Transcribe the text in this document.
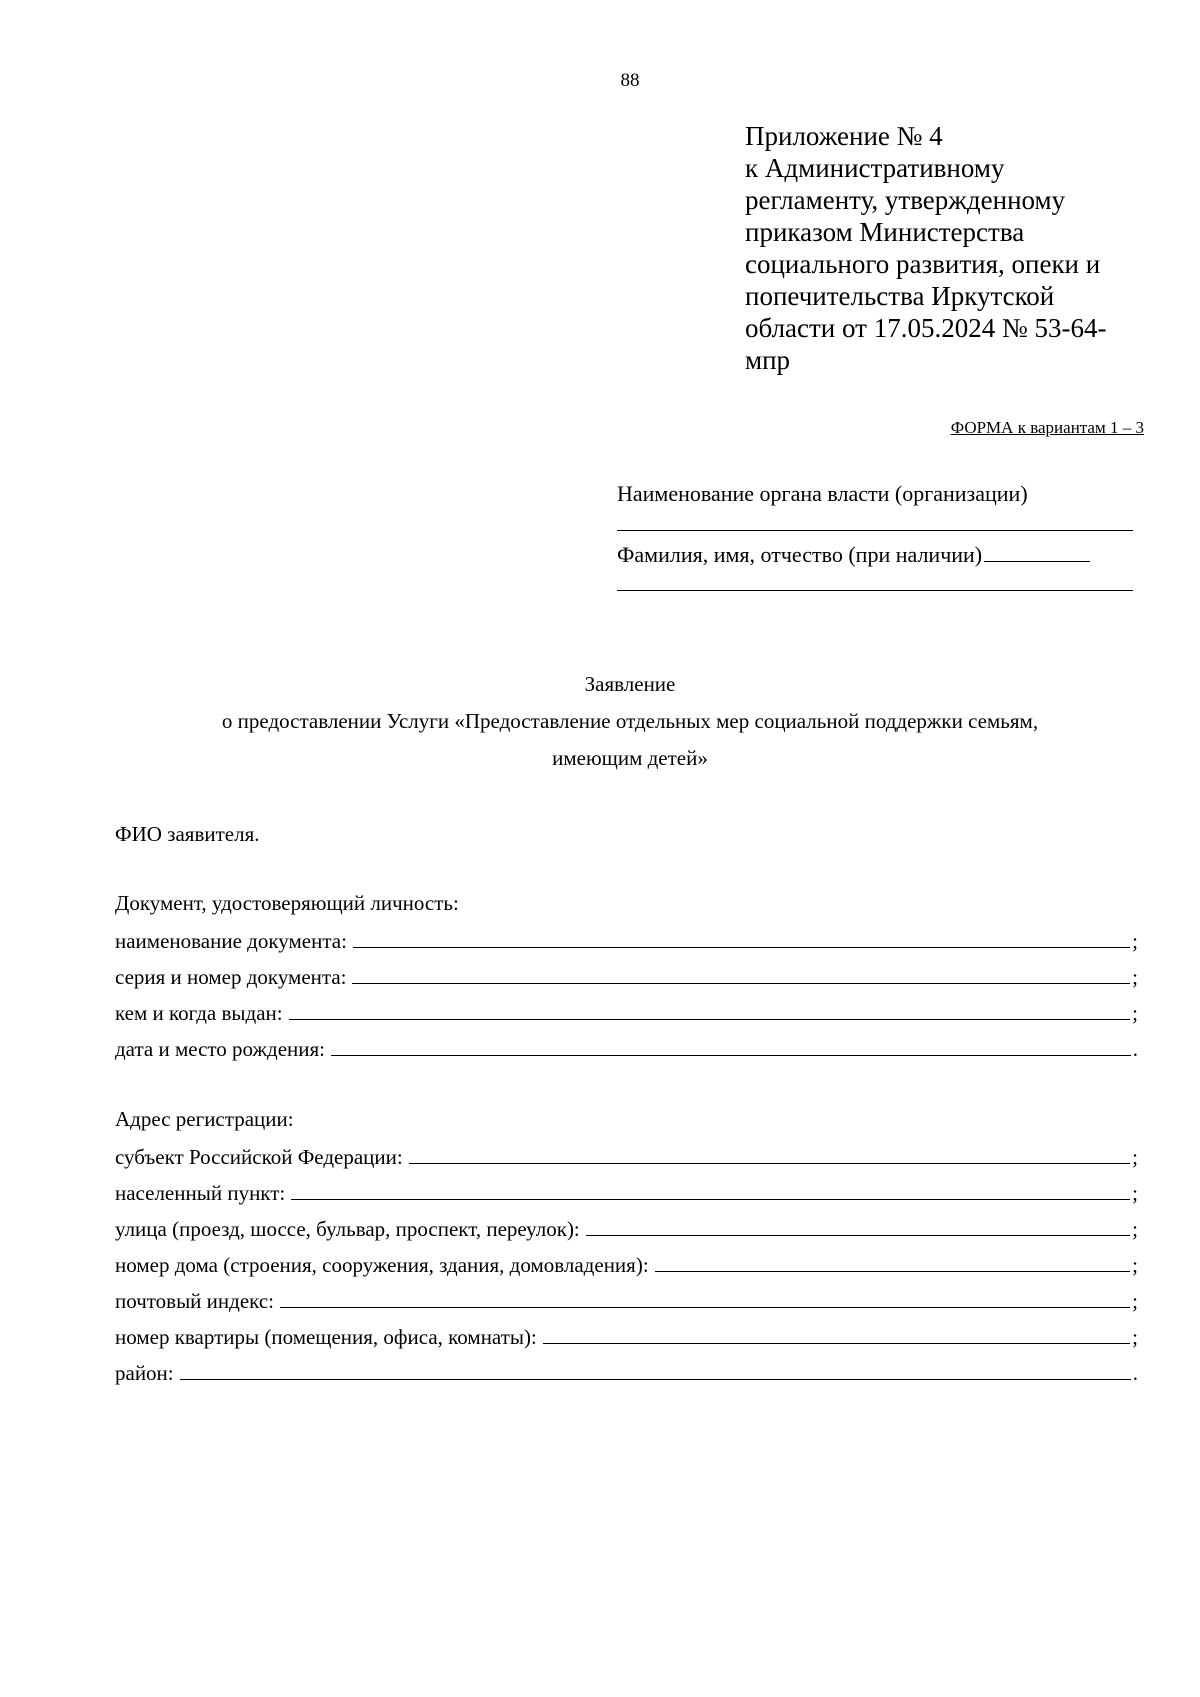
88
Приложение № 4
к Административному
регламенту, утвержденному
приказом Министерства
социального развития, опеки и
попечительства Иркутской
области от 17.05.2024 № 53-64-
мпр
ФОРМА к вариантам 1 – 3
Наименование органа власти (организации)
Фамилия, имя, отчество (при наличии)
Заявление
о предоставлении Услуги «Предоставление отдельных мер социальной поддержки семьям,
имеющим детей»
ФИО заявителя.
Документ, удостоверяющий личность:
наименование документа:	;
серия и номер документа:	;
кем и когда выдан:	;
дата и место рождения:	.
Адрес регистрации:
субъект Российской Федерации:	;
населенный пункт:	;
улица (проезд, шоссе, бульвар, проспект, переулок):	;
номер дома (строения, сооружения, здания, домовладения):	;
почтовый индекс:	;
номер квартиры (помещения, офиса, комнаты):	;
район:	.
